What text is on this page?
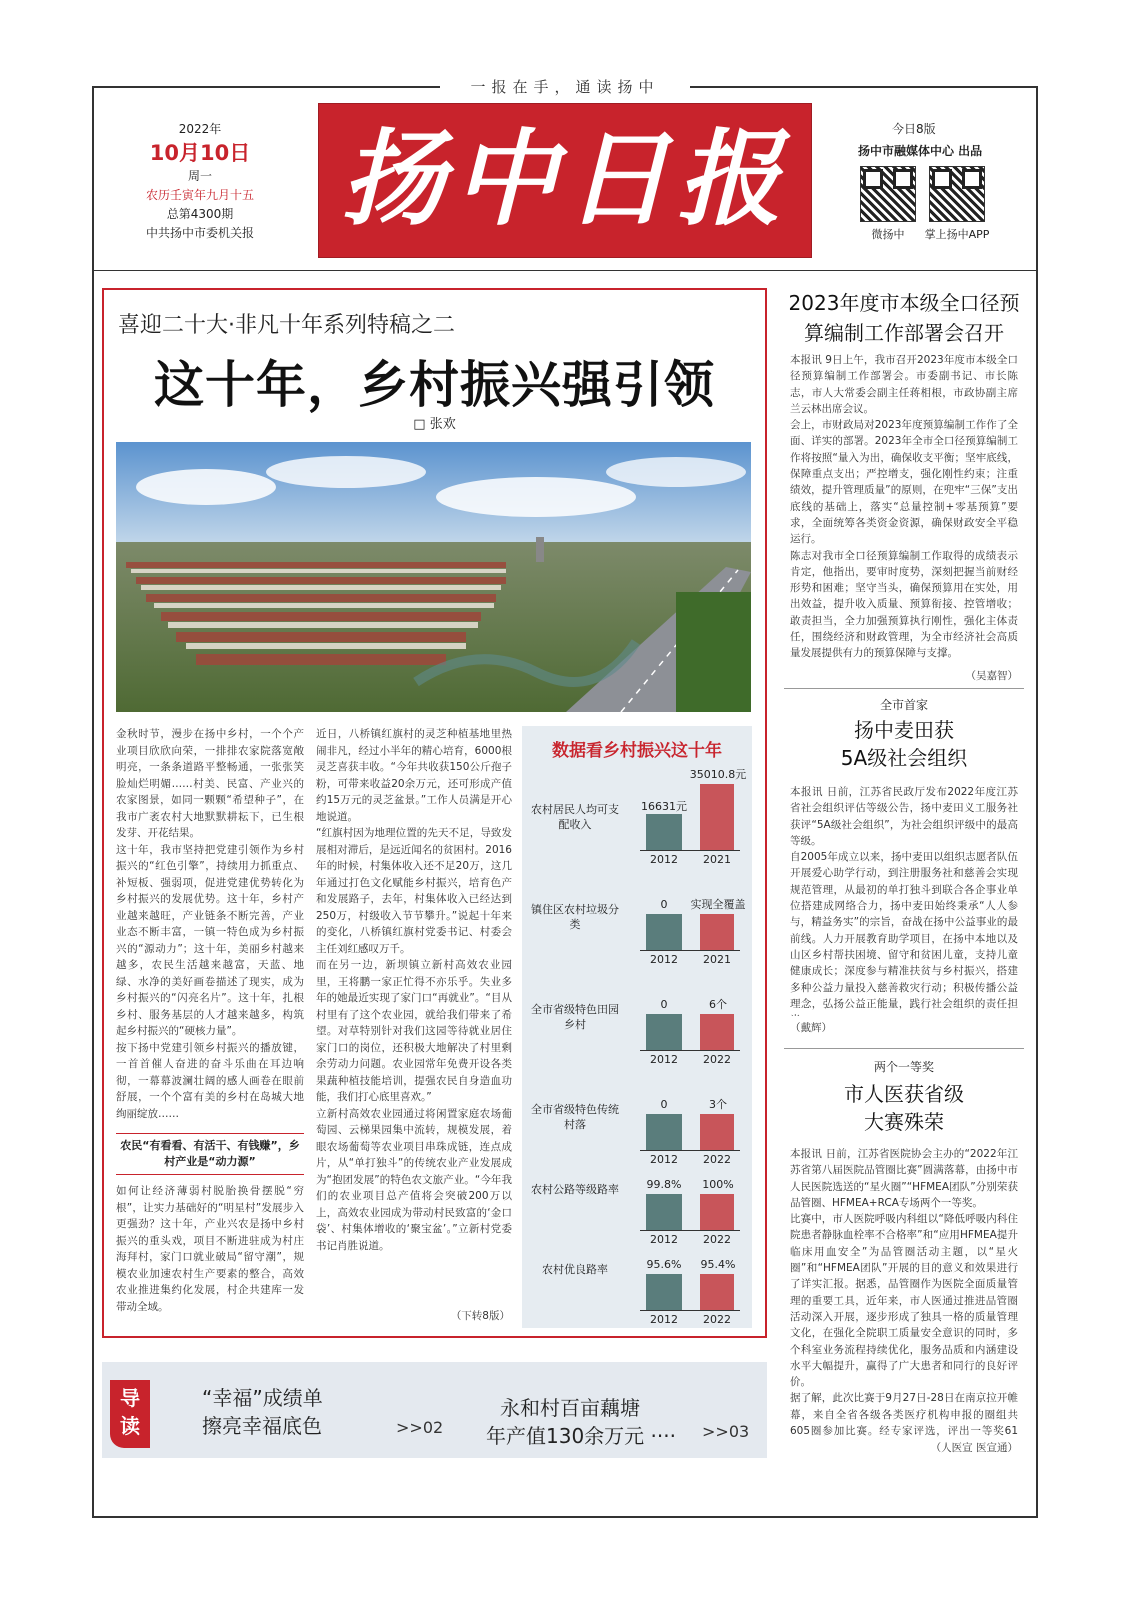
一报在手，通读扬中
2022年
10月10日
周一
农历壬寅年九月十五
总第4300期
中共扬中市委机关报 扬中日报	今日8版
扬中市融媒体中心 出品
微扬中	掌上扬中APP
喜迎二十大·非凡十年系列特稿之二
这十年，乡村振兴强引领
□ 张欢
金秋时节，漫步在扬中乡村，一个个产业项目欣欣向荣，一排排农家院落宽敞明亮，一条条道路平整畅通，一张张笑脸灿烂明媚……村美、民富、产业兴的农家图景，如同一颗颗“希望种子”，在我市广袤农村大地默默耕耘下，已生根发芽、开花结果。
这十年，我市坚持把党建引领作为乡村振兴的“红色引擎”，持续用力抓重点、补短板、强弱项，促进党建优势转化为乡村振兴的发展优势。这十年，乡村产业越来越旺，产业链条不断完善，产业业态不断丰富，一镇一特色成为乡村振兴的“源动力”；这十年，美丽乡村越来越多，农民生活越来越富，天蓝、地绿、水净的美好画卷描述了现实，成为乡村振兴的“闪亮名片”。这十年，扎根乡村、服务基层的人才越来越多，构筑起乡村振兴的“硬核力量”。
按下扬中党建引领乡村振兴的播放键，一首首催人奋进的奋斗乐曲在耳边响彻，一幕幕波澜壮阔的感人画卷在眼前舒展，一个个富有美的乡村在岛城大地绚丽绽放……
农民“有看看、有活干、有钱赚”，乡村产业是“动力源”
如何让经济薄弱村脱胎换骨摆脱“穷根”，让实力基础好的“明星村”发展步入更强劲？这十年，产业兴农是扬中乡村振兴的重头戏，项目不断进驻成为村庄海拜村，家门口就业破局“留守潮”，规模农业加速农村生产要素的整合，高效农业推进集约化发展，村企共建库一发带动全域。
近日，八桥镇红旗村的灵芝种植基地里热闹非凡，经过小半年的精心培育，6000根灵芝喜获丰收。“今年共收获150公斤孢子粉，可带来收益20余万元，还可形成产值约15万元的灵芝盆景。”工作人员满是开心地说道。
“红旗村因为地理位置的先天不足，导致发展相对滞后，是远近闻名的贫困村。2016年的时候，村集体收入还不足20万，这几年通过打色文化赋能乡村振兴，培育色产和发展路子，去年，村集体收入已经达到250万，村级收入节节攀升。”说起十年来的变化，八桥镇红旗村党委书记、村委会主任刘红感叹万千。
而在另一边，新坝镇立新村高效农业园里，王将鹏一家正忙得不亦乐乎。失业多年的她最近实现了家门口“再就业”。“目从村里有了这个农业园，就给我们带来了希望。对草特别针对我们这园等待就业居住家门口的岗位，还积极大地解决了村里剩余劳动力问题。农业园常年免费开设各类果蔬种植技能培训，提强农民自身造血功能，我们打心底里喜欢。”
立新村高效农业园通过将闲置家庭农场葡萄园、云梯果园集中流转，规模发展，着眼农场葡萄等农业项目串珠成链，连点成片，从“单打独斗”的传统农业产业发展成为“抱团发展”的特色农文旅产业。“今年我们的农业项目总产值将会突破200万以上，高效农业园成为带动村民致富的‘金口袋’、村集体增收的‘聚宝盆’。”立新村党委书记肖胜说道。
（下转8版）
数据看乡村振兴这十年
农村居民人均可支配收入
16631元
35010.8元
2012	2021
镇住区农村垃圾分类
0	实现全覆盖
2012	2021
全市省级特色田园乡村
0	6个
2012	2022
全市省级特色传统村落
0	3个
2012	2022
农村公路等级路率	99.8%	100%
2012	2022
农村优良路率	95.6%	95.4%
2012	2022
导读
“幸福”成绩单
擦亮幸福底色	>>02
永和村百亩藕塘
年产值130余万元 ···· >>03
2023年度市本级全口径预算编制工作部署会召开
本报讯 9日上午，我市召开2023年度市本级全口径预算编制工作部署会。市委副书记、市长陈志，市人大常委会副主任蒋相根，市政协副主席兰云林出席会议。
会上，市财政局对2023年度预算编制工作作了全面、详实的部署。2023年全市全口径预算编制工作将按照“量入为出，确保收支平衡；坚牢底线，保障重点支出；严控增支，强化刚性约束；注重绩效，提升管理质量”的原则，在兜牢“三保”支出底线的基础上，落实“总量控制+零基预算”要求，全面统筹各类资金资源，确保财政安全平稳运行。
陈志对我市全口径预算编制工作取得的成绩表示肯定，他指出，要审时度势，深刻把握当前财经形势和困难；坚守当头，确保预算用在实处，用出效益，提升收入质量、预算衔接、控管增收；敢责担当，全力加强预算执行刚性，强化主体责任，围绕经济和财政管理，为全市经济社会高质量发展提供有力的预算保障与支撑。
（吴嘉智）
全市首家
扬中麦田获
5A级社会组织
本报讯 日前，江苏省民政厅发布2022年度江苏省社会组织评估等级公告，扬中麦田义工服务社获评“5A级社会组织”，为社会组织评级中的最高等级。
自2005年成立以来，扬中麦田以组织志愿者队伍开展爱心助学行动，到注册服务社和慈善会实现规范管理，从最初的单打独斗到联合各企事业单位搭建成网络合力，扬中麦田始终秉承“人人参与，精益务实”的宗旨，奋战在扬中公益事业的最前线。人力开展教育助学项目，在扬中本地以及山区乡村帮扶困境、留守和贫困儿童，支持儿童健康成长；深度参与精准扶贫与乡村振兴，搭建多种公益力量投入慈善救灾行动；积极传播公益理念，弘扬公益正能量，践行社会组织的责任担
（戴辉）
两个一等奖
市人医获省级
大赛殊荣
本报讯 日前，江苏省医院协会主办的“2022年江苏省第八届医院品管圈比赛”圆满落幕，由扬中市人民医院选送的“星火圈”“HFMEA团队”分别荣获品管圈、HFMEA+RCA专场两个一等奖。
比赛中，市人医院呼吸内科组以“降低呼吸内科住院患者静脉血栓率不合格率”和“应用HFMEA提升临床用血安全”为品管圈活动主题，以“星火圈”和“HFMEA团队”开展的目的意义和效果进行了详实汇报。据悉，品管圈作为医院全面质量管理的重要工具，近年来，市人医通过推进品管圈活动深入开展，逐步形成了独具一格的质量管理文化，在强化全院职工质量安全意识的同时，多个科室业务流程持续优化，服务品质和内涵建设水平大幅提升，赢得了广大患者和同行的良好评价。
据了解，此次比赛于9月27日-28日在南京拉开帷幕，来自全省各级各类医疗机构申报的圈组共605圈参加比赛。经专家评选，评出一等奖61
（人医宣 医宣通）
